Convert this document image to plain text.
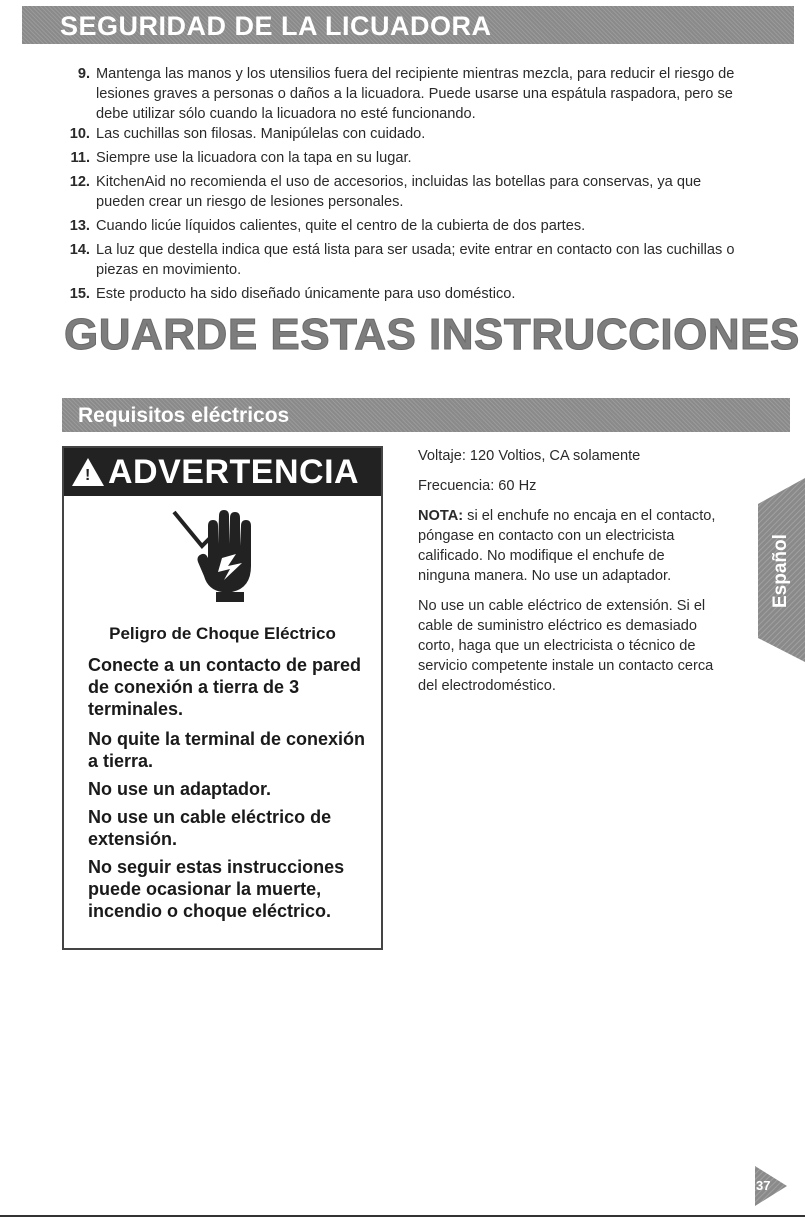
SEGURIDAD DE LA LICUADORA
9. Mantenga las manos y los utensilios fuera del recipiente mientras mezcla, para reducir el riesgo de lesiones graves a personas o daños a la licuadora. Puede usarse una espátula raspadora, pero se debe utilizar sólo cuando la licuadora no esté funcionando.
10. Las cuchillas son filosas. Manipúlelas con cuidado.
11. Siempre use la licuadora con la tapa en su lugar.
12. KitchenAid no recomienda el uso de accesorios, incluidas las botellas para conservas, ya que pueden crear un riesgo de lesiones personales.
13. Cuando licúe líquidos calientes, quite el centro de la cubierta de dos partes.
14. La luz que destella indica que está lista para ser usada; evite entrar en contacto con las cuchillas o piezas en movimiento.
15. Este producto ha sido diseñado únicamente para uso doméstico.
GUARDE ESTAS INSTRUCCIONES
Requisitos eléctricos
! ADVERTENCIA

Peligro de Choque Eléctrico

Conecte a un contacto de pared de conexión a tierra de 3 terminales.

No quite la terminal de conexión a tierra.

No use un adaptador.

No use un cable eléctrico de extensión.

No seguir estas instrucciones puede ocasionar la muerte, incendio o choque eléctrico.

Voltaje: 120 Voltios, CA solamente

Frecuencia: 60 Hz

NOTA: si el enchufe no encaja en el contacto, póngase en contacto con un electricista calificado. No modifique el enchufe de ninguna manera. No use un adaptador.

No use un cable eléctrico de extensión. Si el cable de suministro eléctrico es demasiado corto, haga que un electricista o técnico de servicio competente instale un contacto cerca del electrodoméstico.

Español
37
